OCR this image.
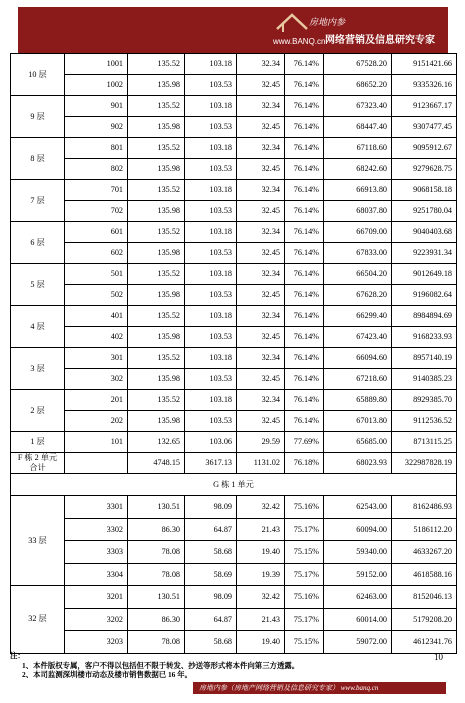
房地内参
www.BANQ.cn 网络营销及信息研究专家
10 层	1001	135.52	103.18	32.34	76.14%	67528.20	9151421.66
	1002	135.98	103.53	32.45	76.14%	68652.20	9335326.16
9 层	901	135.52	103.18	32.34	76.14%	67323.40	9123667.17
	902	135.98	103.53	32.45	76.14%	68447.40	9307477.45
8 层	801	135.52	103.18	32.34	76.14%	67118.60	9095912.67
	802	135.98	103.53	32.45	76.14%	68242.60	9279628.75
7 层	701	135.52	103.18	32.34	76.14%	66913.80	9068158.18
	702	135.98	103.53	32.45	76.14%	68037.80	9251780.04
6 层	601	135.52	103.18	32.34	76.14%	66709.00	9040403.68
	602	135.98	103.53	32.45	76.14%	67833.00	9223931.34
5 层	501	135.52	103.18	32.34	76.14%	66504.20	9012649.18
	502	135.98	103.53	32.45	76.14%	67628.20	9196082.64
4 层	401	135.52	103.18	32.34	76.14%	66299.40	8984894.69
	402	135.98	103.53	32.45	76.14%	67423.40	9168233.93
3 层	301	135.52	103.18	32.34	76.14%	66094.60	8957140.19
	302	135.98	103.53	32.45	76.14%	67218.60	9140385.23
2 层	201	135.52	103.18	32.34	76.14%	65889.80	8929385.70
	202	135.98	103.53	32.45	76.14%	67013.80	9112536.52
1 层	101	132.65	103.06	29.59	77.69%	65685.00	8713115.25

F 栋 2 单元
合计		4748.15	3617.13	1131.02	76.18%	68023.93	322987828.19
G 栋 1 单元							
33 层	3301	130.51	98.09	32.42	75.16%	62543.00	8162486.93
	3302	86.30	64.87	21.43	75.17%	60094.00	5186112.20
	3303	78.08	58.68	19.40	75.15%	59340.00	4633267.20
	3304	78.08	58.69	19.39	75.17%	59152.00	4618588.16
32 层	3201	130.51	98.09	32.42	75.16%	62463.00	8152046.13
	3202	86.30	64.87	21.43	75.17%	60014.00	5179208.20
	3203	78.08	58.68	19.40	75.15%	59072.00	4612341.76
注：
1、本件版权专属，客户不得以包括但不限于转发、抄送等形式将本件向第三方透露。
2、本司监测深圳楼市动态及楼市销售数据已 16 年。
10
房地内参（房地产网络营销及信息研究专家） www.banq.cn
